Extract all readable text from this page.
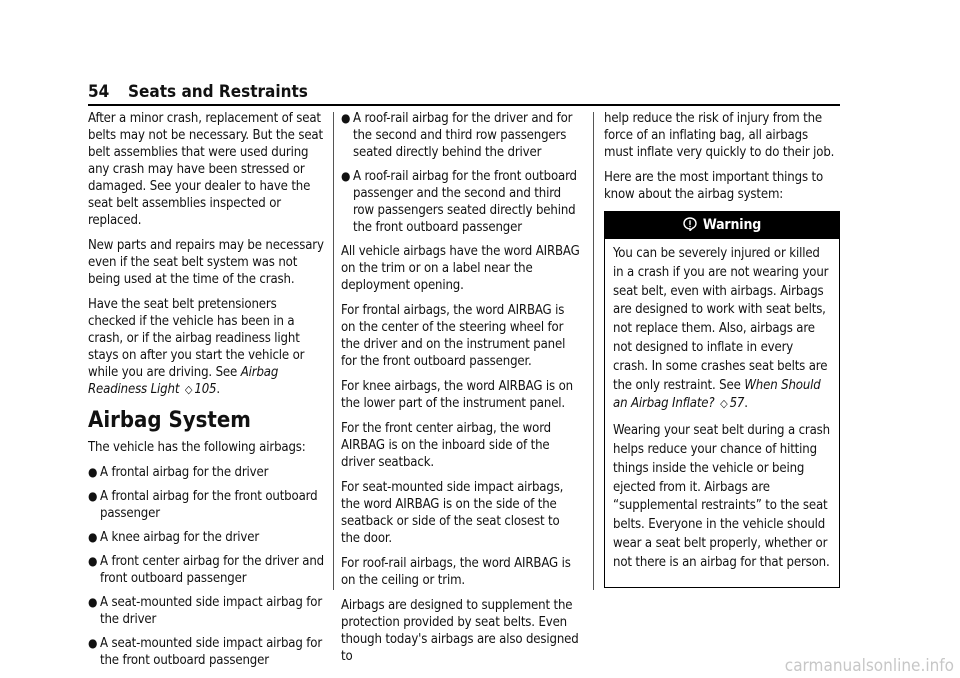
54 Seats and Restraints

After a minor crash, replacement of seat belts may not be necessary. But the seat belt assemblies that were used during any crash may have been stressed or damaged. See your dealer to have the seat belt assemblies inspected or replaced.

New parts and repairs may be necessary even if the seat belt system was not being used at the time of the crash.

Have the seat belt pretensioners checked if the vehicle has been in a crash, or if the airbag readiness light stays on after you start the vehicle or while you are driving. See Airbag Readiness Light ◇ 105.

Airbag System

The vehicle has the following airbags:

● A frontal airbag for the driver
● A frontal airbag for the front outboard passenger
● A knee airbag for the driver
● A front center airbag for the driver and front outboard passenger
● A seat-mounted side impact airbag for the driver
● A seat-mounted side impact airbag for the front outboard passenger
● A roof-rail airbag for the driver and for the second and third row passengers seated directly behind the driver
● A roof-rail airbag for the front outboard passenger and the second and third row passengers seated directly behind the front outboard passenger

All vehicle airbags have the word AIRBAG on the trim or on a label near the deployment opening.

For frontal airbags, the word AIRBAG is on the center of the steering wheel for the driver and on the instrument panel for the front outboard passenger.

For knee airbags, the word AIRBAG is on the lower part of the instrument panel.

For the front center airbag, the word AIRBAG is on the inboard side of the driver seatback.

For seat-mounted side impact airbags, the word AIRBAG is on the side of the seatback or side of the seat closest to the door.

For roof-rail airbags, the word AIRBAG is on the ceiling or trim.

Airbags are designed to supplement the protection provided by seat belts. Even though today's airbags are also designed to

help reduce the risk of injury from the force of an inflating bag, all airbags must inflate very quickly to do their job.

Here are the most important things to know about the airbag system:

Warning

You can be severely injured or killed in a crash if you are not wearing your seat belt, even with airbags. Airbags are designed to work with seat belts, not replace them. Also, airbags are not designed to inflate in every crash. In some crashes seat belts are the only restraint. See When Should an Airbag Inflate? ◇ 57.

Wearing your seat belt during a crash helps reduce your chance of hitting things inside the vehicle or being ejected from it. Airbags are “supplemental restraints” to the seat belts. Everyone in the vehicle should wear a seat belt properly, whether or not there is an airbag for that person.

carmanualsonline.info
